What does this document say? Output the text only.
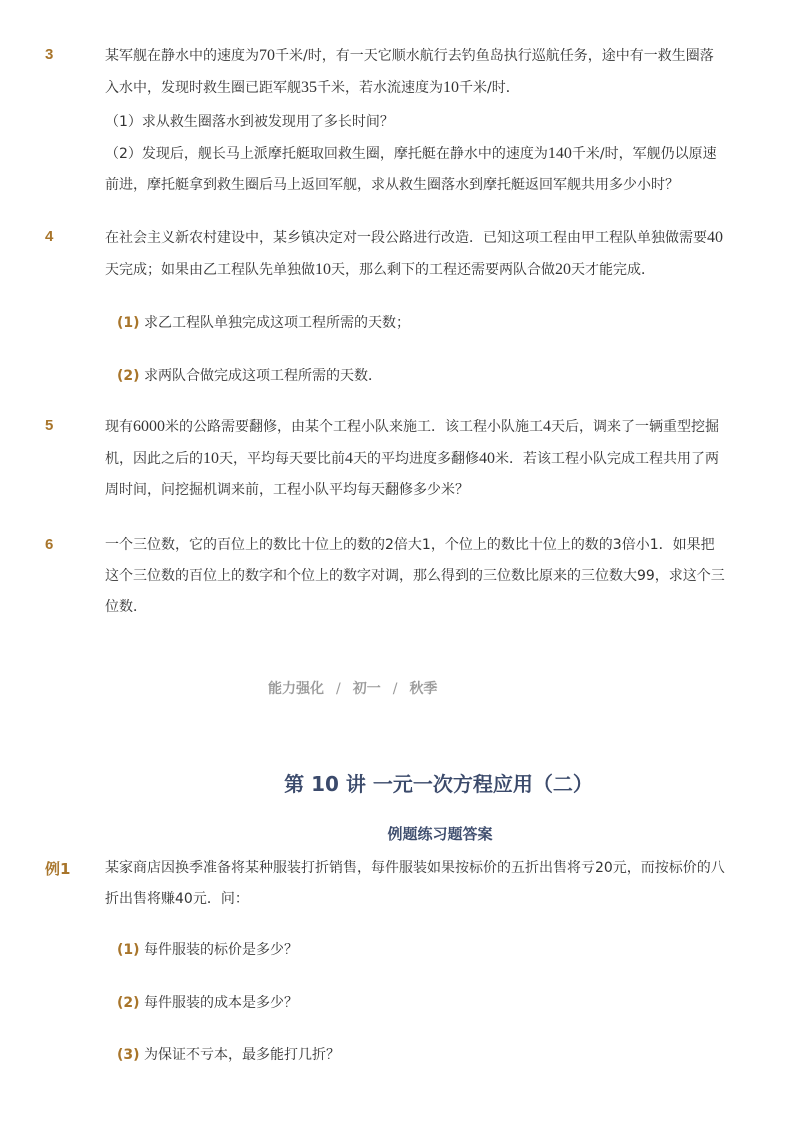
3	某军舰在静水中的速度为70千米/时，有一天它顺水航行去钓鱼岛执行巡航任务，途中有一救生圈落入水中，发现时救生圈已距军舰35千米，若水流速度为10千米/时．
（1）求从救生圈落水到被发现用了多长时间？
（2）发现后，舰长马上派摩托艇取回救生圈，摩托艇在静水中的速度为140千米/时，军舰仍以原速前进，摩托艇拿到救生圈后马上返回军舰，求从救生圈落水到摩托艇返回军舰共用多少小时？
4	在社会主义新农村建设中，某乡镇决定对一段公路进行改造．已知这项工程由甲工程队单独做需要40天完成；如果由乙工程队先单独做10天，那么剩下的工程还需要两队合做20天才能完成．
(1) 求乙工程队单独完成这项工程所需的天数；
(2) 求两队合做完成这项工程所需的天数．
5	现有6000米的公路需要翻修，由某个工程小队来施工．该工程小队施工4天后，调来了一辆重型挖掘机，因此之后的10天，平均每天要比前4天的平均进度多翻修40米．若该工程小队完成工程共用了两周时间，问挖掘机调来前，工程小队平均每天翻修多少米？
6	一个三位数，它的百位上的数比十位上的数的2倍大1，个位上的数比十位上的数的3倍小1．如果把这个三位数的百位上的数字和个位上的数字对调，那么得到的三位数比原来的三位数大99，求这个三位数．
能力强化 / 初一 / 秋季
第 10 讲 一元一次方程应用（二）
例题练习题答案
例1 某家商店因换季准备将某种服装打折销售，每件服装如果按标价的五折出售将亏20元，而按标价的八折出售将赚40元．问：
(1) 每件服装的标价是多少？
(2) 每件服装的成本是多少？
(3) 为保证不亏本，最多能打几折？
